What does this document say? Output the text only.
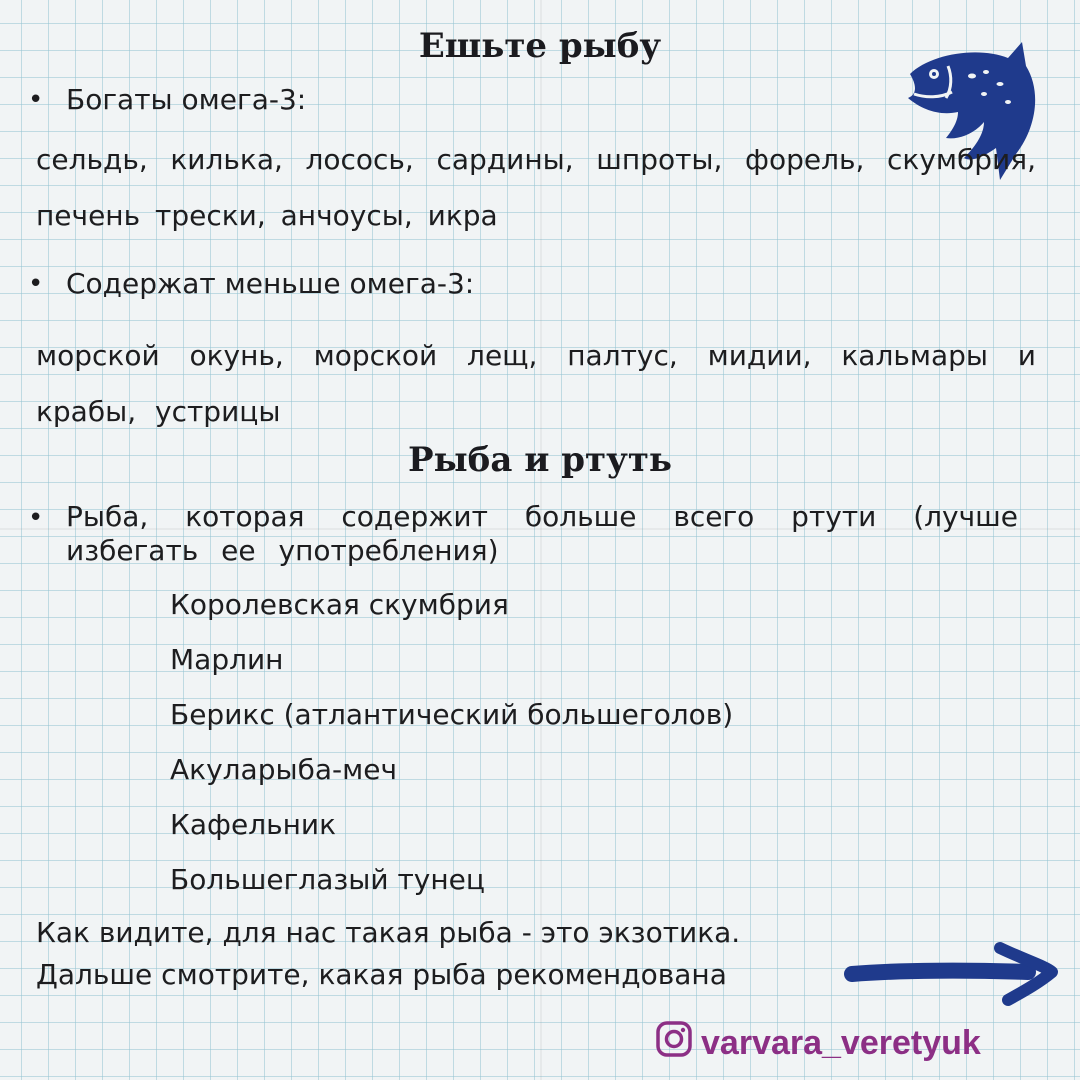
Ешьте рыбу
• Богаты омега-3:

сельдь, килька, лосось, сардины, шпроты, форель, скумбрия, печень трески, анчоусы, икра

• Содержат меньше омега-3:

морской окунь, морской лещ, палтус, мидии, кальмары и крабы, устрицы

Рыба и ртуть
• Рыба, которая содержит больше всего ртути (лучше избегать ее употребления)
Королевская скумбрия
Марлин
Берикс (атлантический большеголов)
Акуларыба-меч
Кафельник
Большеглазый тунец

Как видите, для нас такая рыба - это экзотика.
Дальше смотрите, какая рыба рекомендована

varvara_veretyuk
